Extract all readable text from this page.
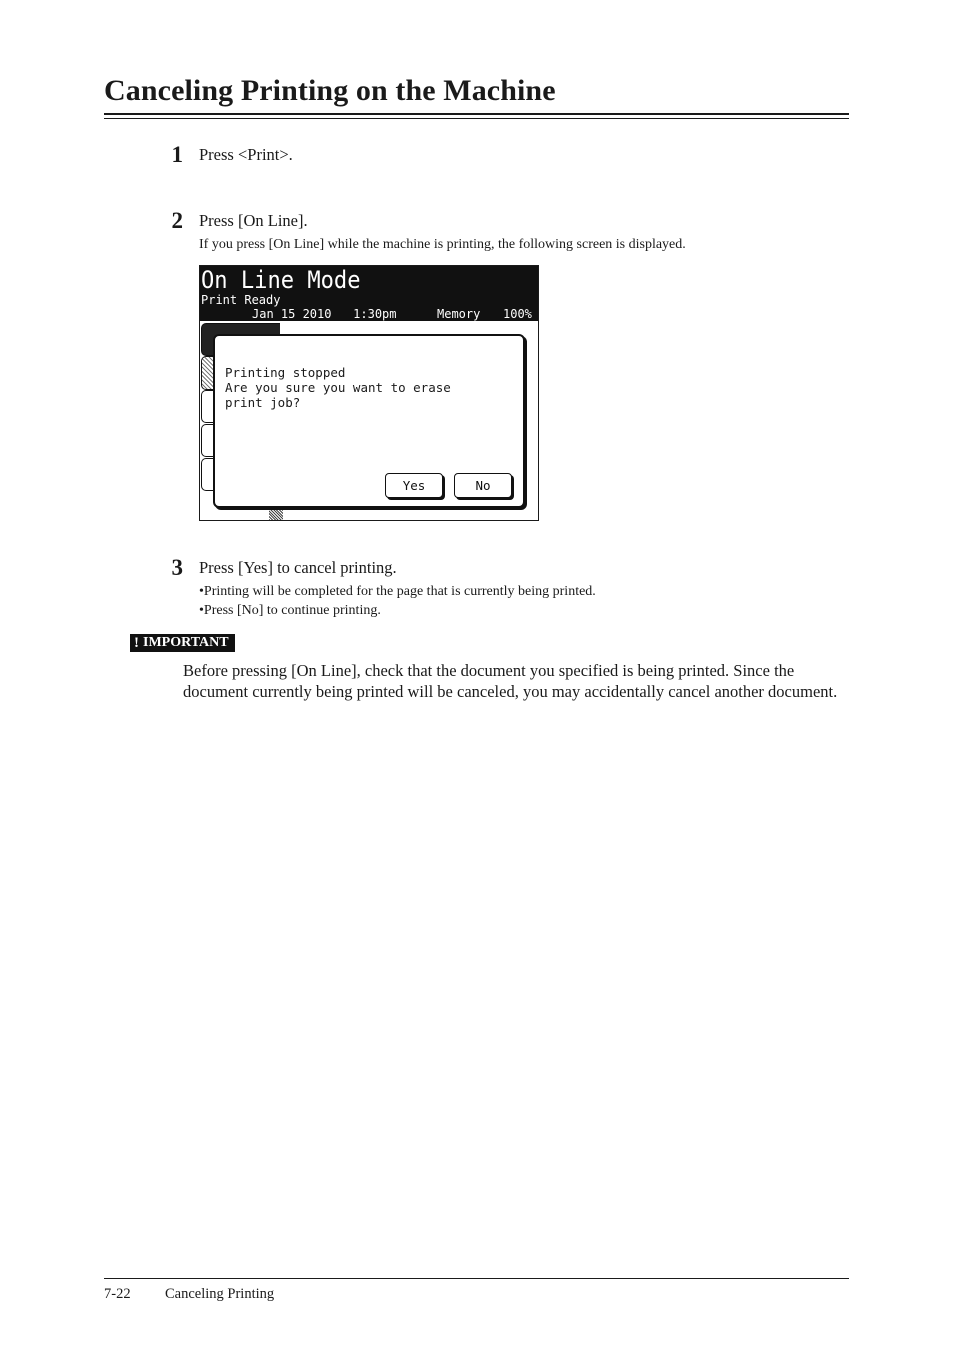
Canceling Printing on the Machine
1 Press <Print>.
2 Press [On Line].
If you press [On Line] while the machine is printing, the following screen is displayed.
On Line Mode
Print Ready
Jan 15 2010   1:30pm	Memory 100%
Printing stopped
Are you sure you want to erase
print job?
Yes	No
3 Press [Yes] to cancel printing.
•Printing will be completed for the page that is currently being printed.
•Press [No] to continue printing.
! IMPORTANT

Before pressing [On Line], check that the document you specified is being printed. Since the document currently being printed will be canceled, you may accidentally cancel another document.

7-22 Canceling Printing
